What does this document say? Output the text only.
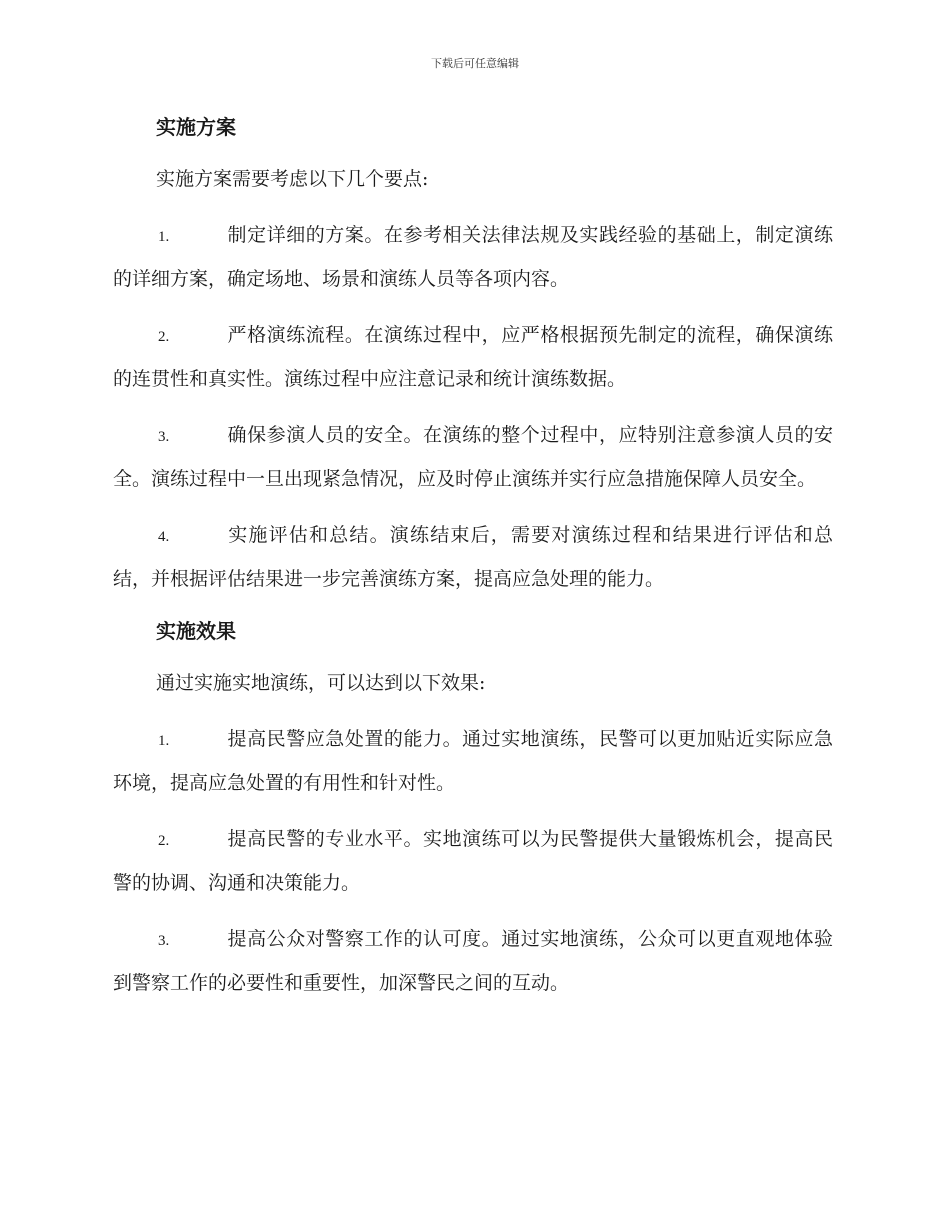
下载后可任意编辑
实施方案

实施方案需要考虑以下几个要点:

1.	制定详细的方案。在参考相关法律法规及实践经验的基础上，制定演练的详细方案，确定场地、场景和演练人员等各项内容。

2.	严格演练流程。在演练过程中，应严格根据预先制定的流程，确保演练的连贯性和真实性。演练过程中应注意记录和统计演练数据。

3.	确保参演人员的安全。在演练的整个过程中，应特别注意参演人员的安全。演练过程中一旦出现紧急情况，应及时停止演练并实行应急措施保障人员安全。

4.	实施评估和总结。演练结束后，需要对演练过程和结果进行评估和总结，并根据评估结果进一步完善演练方案，提高应急处理的能力。

实施效果

通过实施实地演练，可以达到以下效果:

1.	提高民警应急处置的能力。通过实地演练，民警可以更加贴近实际应急环境，提高应急处置的有用性和针对性。

2.	提高民警的专业水平。实地演练可以为民警提供大量锻炼机会，提高民警的协调、沟通和决策能力。

3.	提高公众对警察工作的认可度。通过实地演练，公众可以更直观地体验到警察工作的必要性和重要性，加深警民之间的互动。
